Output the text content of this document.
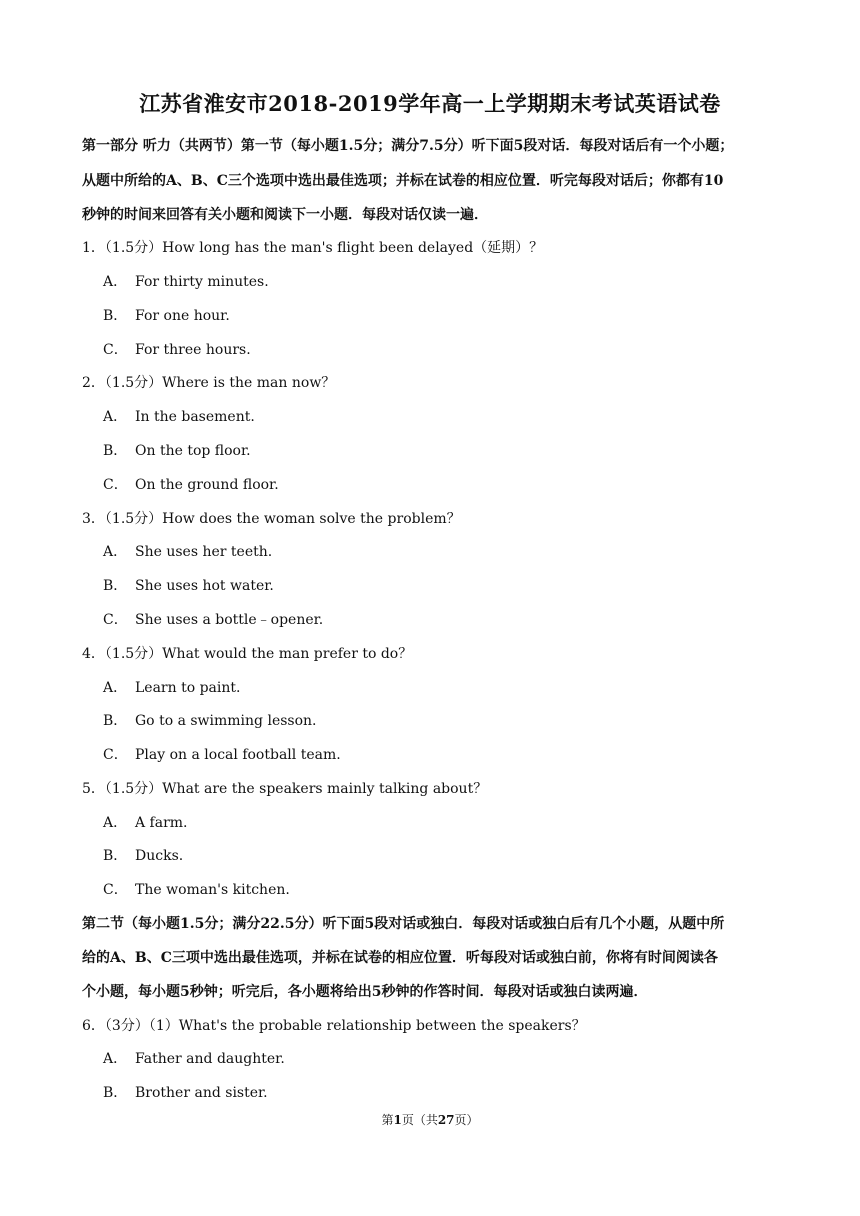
江苏省淮安市2018-2019学年高一上学期期末考试英语试卷
第一部分 听力（共两节）第一节（每小题1.5分；满分7.5分）听下面5段对话．每段对话后有一个小题；
从题中所给的A、B、C三个选项中选出最佳选项；并标在试卷的相应位置．听完每段对话后；你都有10
秒钟的时间来回答有关小题和阅读下一小题．每段对话仅读一遍．
1．（1.5分）How long has the man's flight been delayed（延期）？
A． For thirty minutes.
B． For one hour.
C． For three hours.
2．（1.5分）Where is the man now？
A． In the basement.
B． On the top floor.
C． On the ground floor.
3．（1.5分）How does the woman solve the problem？
A． She uses her teeth.
B． She uses hot water.
C． She uses a bottle﹣opener.
4．（1.5分）What would the man prefer to do？
A． Learn to paint.
B． Go to a swimming lesson.
C． Play on a local football team.
5．（1.5分）What are the speakers mainly talking about？
A． A farm.
B． Ducks.
C． The woman's kitchen.
第二节（每小题1.5分；满分22.5分）听下面5段对话或独白．每段对话或独白后有几个小题，从题中所
给的A、B、C三项中选出最佳选项，并标在试卷的相应位置．听每段对话或独白前，你将有时间阅读各
个小题，每小题5秒钟；听完后，各小题将给出5秒钟的作答时间．每段对话或独白读两遍．
6．（3分）（1）What's the probable relationship between the speakers？
A． Father and daughter.
B． Brother and sister.
第1页（共27页）
